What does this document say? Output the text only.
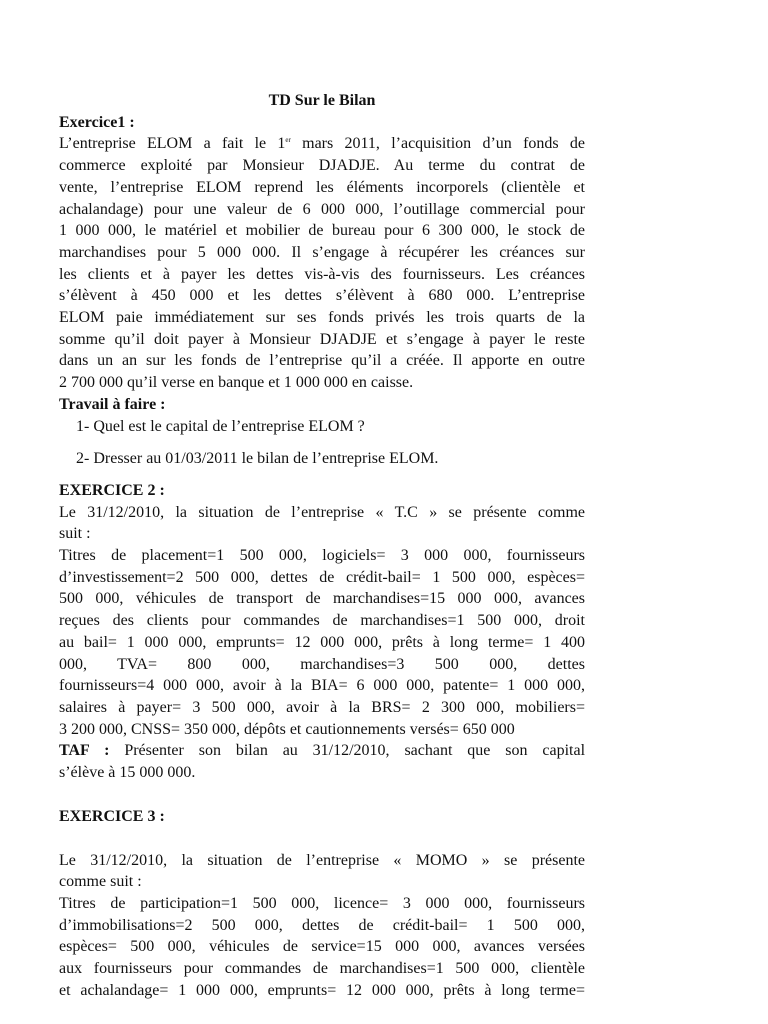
TD Sur le Bilan

Exercice1 :

L’entreprise ELOM a fait le 1er mars 2011, l’acquisition d’un fonds de
commerce exploité par Monsieur DJADJE. Au terme du contrat de
vente, l’entreprise ELOM reprend les éléments incorporels (clientèle et
achalandage) pour une valeur de 6 000 000, l’outillage commercial pour
1 000 000, le matériel et mobilier de bureau pour 6 300 000, le stock de
marchandises pour 5 000 000. Il s’engage à récupérer les créances sur
les clients et à payer les dettes vis-à-vis des fournisseurs. Les créances
s’élèvent à 450 000 et les dettes s’élèvent à 680 000. L’entreprise
ELOM paie immédiatement sur ses fonds privés les trois quarts de la
somme qu’il doit payer à Monsieur DJADJE et s’engage à payer le reste
dans un an sur les fonds de l’entreprise qu’il a créée. Il apporte en outre
2 700 000 qu’il verse en banque et 1 000 000 en caisse.

Travail à faire :

1- Quel est le capital de l’entreprise ELOM ?

2- Dresser au 01/03/2011 le bilan de l’entreprise ELOM.

EXERCICE 2 :

Le 31/12/2010, la situation de l’entreprise « T.C » se présente comme
suit :
Titres de placement=1 500 000, logiciels= 3 000 000, fournisseurs
d’investissement=2 500 000, dettes de crédit-bail= 1 500 000, espèces=
500 000, véhicules de transport de marchandises=15 000 000, avances
reçues des clients pour commandes de marchandises=1 500 000, droit
au bail= 1 000 000, emprunts= 12 000 000, prêts à long terme= 1 400
000, TVA= 800 000, marchandises=3 500 000, dettes
fournisseurs=4 000 000, avoir à la BIA= 6 000 000, patente= 1 000 000,
salaires à payer= 3 500 000, avoir à la BRS= 2 300 000, mobiliers=
3 200 000, CNSS= 350 000, dépôts et cautionnements versés= 650 000
TAF : Présenter son bilan au 31/12/2010, sachant que son capital
s’élève à 15 000 000.

EXERCICE 3 :

Le 31/12/2010, la situation de l’entreprise « MOMO » se présente
comme suit :
Titres de participation=1 500 000, licence= 3 000 000, fournisseurs
d’immobilisations=2 500 000, dettes de crédit-bail= 1 500 000,
espèces= 500 000, véhicules de service=15 000 000, avances versées
aux fournisseurs pour commandes de marchandises=1 500 000, clientèle
et achalandage= 1 000 000, emprunts= 12 000 000, prêts à long terme=
